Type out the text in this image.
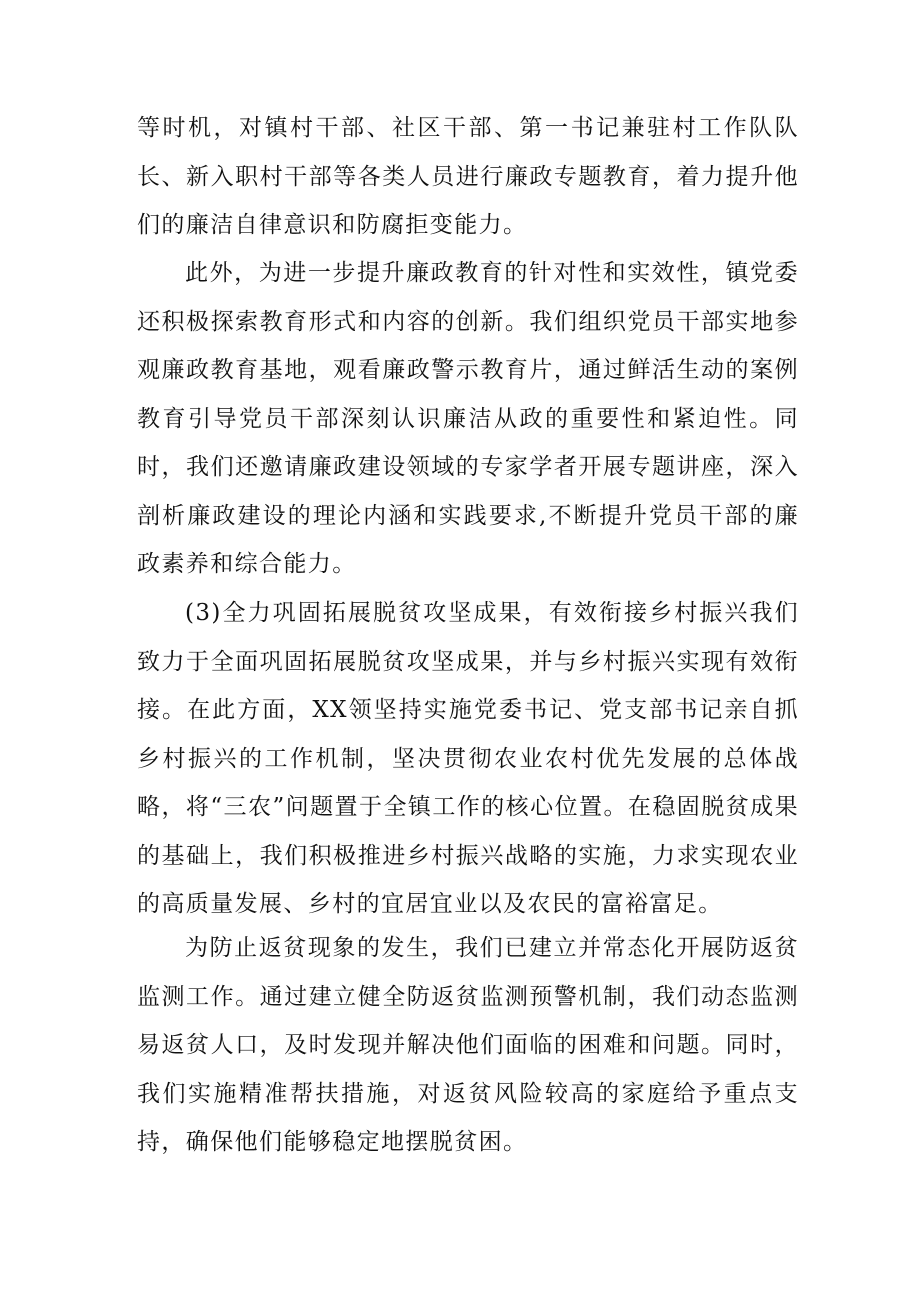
等时机，对镇村干部、社区干部、第一书记兼驻村工作队队长、新入职村干部等各类人员进行廉政专题教育，着力提升他们的廉洁自律意识和防腐拒变能力。

此外，为进一步提升廉政教育的针对性和实效性，镇党委还积极探索教育形式和内容的创新。我们组织党员干部实地参观廉政教育基地，观看廉政警示教育片，通过鲜活生动的案例教育引导党员干部深刻认识廉洁从政的重要性和紧迫性。同时，我们还邀请廉政建设领域的专家学者开展专题讲座，深入剖析廉政建设的理论内涵和实践要求,不断提升党员干部的廉政素养和综合能力。

(3)全力巩固拓展脱贫攻坚成果，有效衔接乡村振兴我们致力于全面巩固拓展脱贫攻坚成果，并与乡村振兴实现有效衔接。在此方面，XX领坚持实施党委书记、党支部书记亲自抓乡村振兴的工作机制，坚决贯彻农业农村优先发展的总体战略，将“三农”问题置于全镇工作的核心位置。在稳固脱贫成果的基础上，我们积极推进乡村振兴战略的实施，力求实现农业的高质量发展、乡村的宜居宜业以及农民的富裕富足。

为防止返贫现象的发生，我们已建立并常态化开展防返贫监测工作。通过建立健全防返贫监测预警机制，我们动态监测易返贫人口，及时发现并解决他们面临的困难和问题。同时，我们实施精准帮扶措施，对返贫风险较高的家庭给予重点支持，确保他们能够稳定地摆脱贫困。
